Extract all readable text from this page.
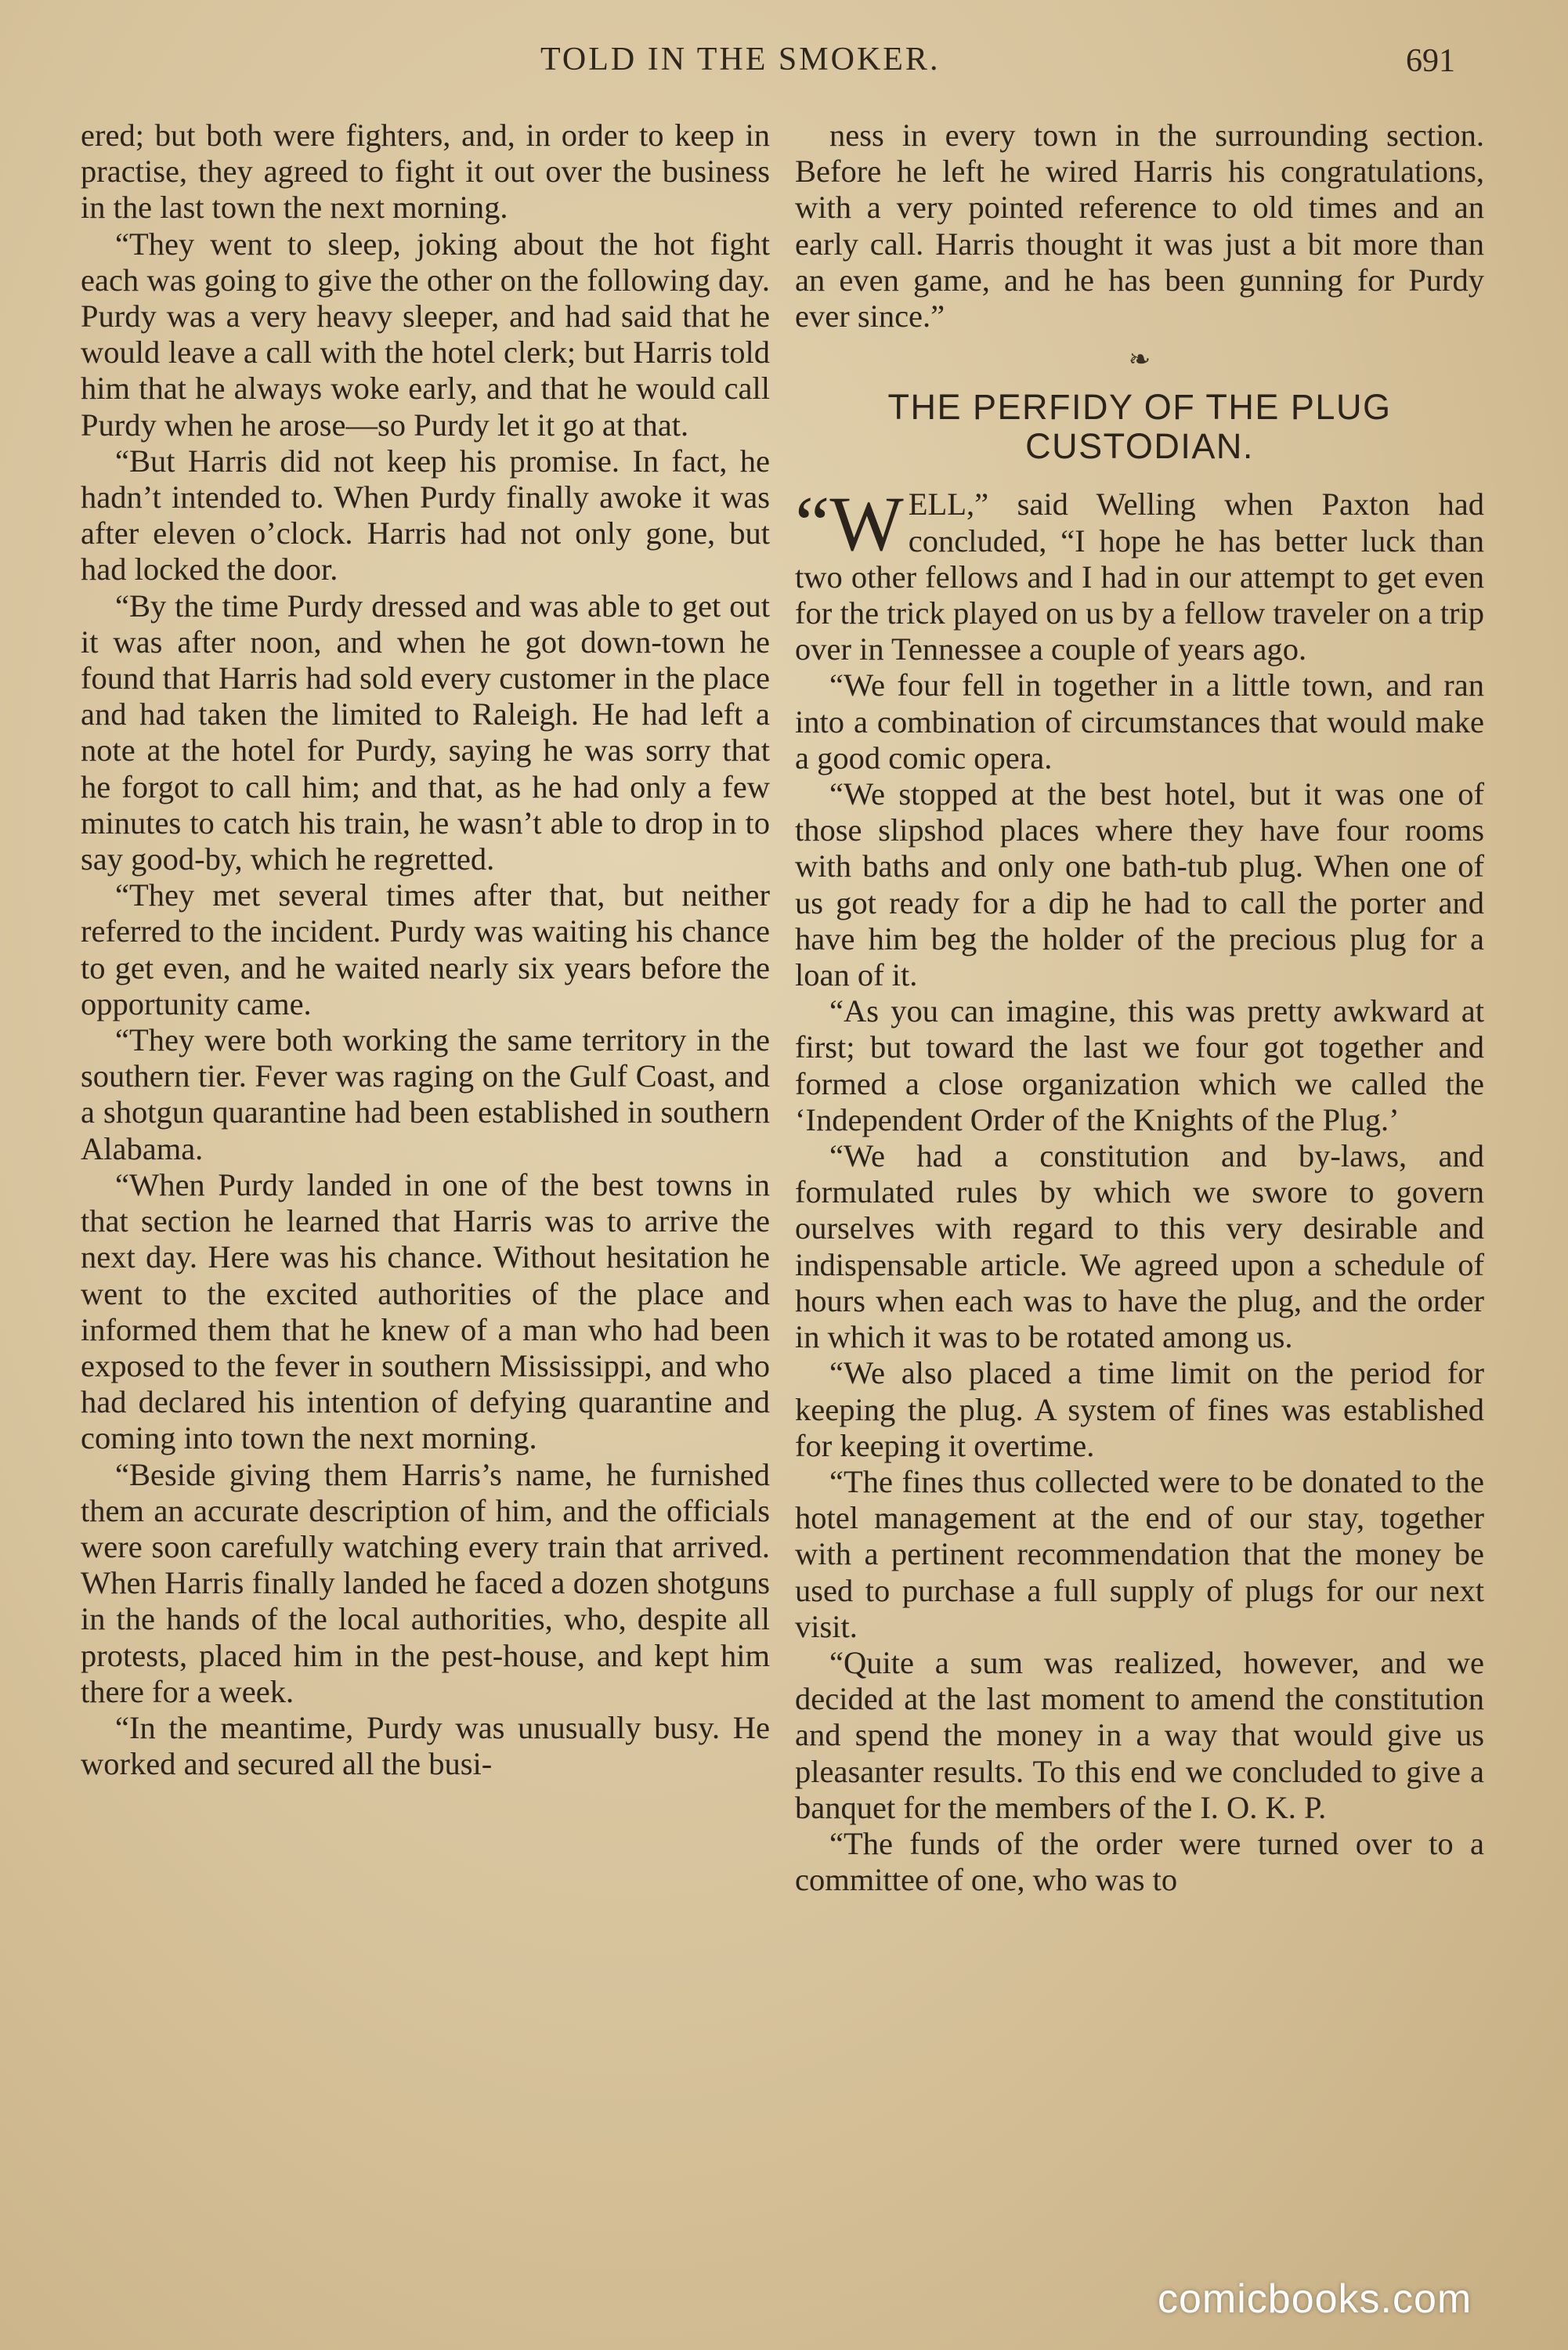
TOLD IN THE SMOKER.	691

ered; but both were fighters, and, in order to keep in practise, they agreed to fight it out over the business in the last town the next morning.

“They went to sleep, joking about the hot fight each was going to give the other on the following day. Purdy was a very heavy sleeper, and had said that he would leave a call with the hotel clerk; but Harris told him that he always woke early, and that he would call Purdy when he arose—so Purdy let it go at that.

“But Harris did not keep his promise. In fact, he hadn’t intended to. When Purdy finally awoke it was after eleven o’clock. Harris had not only gone, but had locked the door.

“By the time Purdy dressed and was able to get out it was after noon, and when he got down-town he found that Harris had sold every customer in the place and had taken the limited to Raleigh. He had left a note at the hotel for Purdy, saying he was sorry that he forgot to call him; and that, as he had only a few minutes to catch his train, he wasn’t able to drop in to say good-by, which he regretted.

“They met several times after that, but neither referred to the incident. Purdy was waiting his chance to get even, and he waited nearly six years before the opportunity came.

“They were both working the same territory in the southern tier. Fever was raging on the Gulf Coast, and a shotgun quarantine had been established in southern Alabama.

“When Purdy landed in one of the best towns in that section he learned that Harris was to arrive the next day. Here was his chance. Without hesitation he went to the excited authorities of the place and informed them that he knew of a man who had been exposed to the fever in southern Mississippi, and who had declared his intention of defying quarantine and coming into town the next morning.

“Beside giving them Harris’s name, he furnished them an accurate description of him, and the officials were soon carefully watching every train that arrived. When Harris finally landed he faced a dozen shotguns in the hands of the local authorities, who, despite all protests, placed him in the pest-house, and kept him there for a week.

“In the meantime, Purdy was unusually busy. He worked and secured all the busi-

ness in every town in the surrounding section. Before he left he wired Harris his congratulations, with a very pointed reference to old times and an early call. Harris thought it was just a bit more than an even game, and he has been gunning for Purdy ever since.”

❧
THE PERFIDY OF THE PLUG CUSTODIAN.

“W ELL,” said Welling when Paxton had concluded, “I hope he has better luck than two other fellows and I had in our attempt to get even for the trick played on us by a fellow traveler on a trip over in Tennessee a couple of years ago.

“We four fell in together in a little town, and ran into a combination of circumstances that would make a good comic opera.

“We stopped at the best hotel, but it was one of those slipshod places where they have four rooms with baths and only one bath-tub plug. When one of us got ready for a dip he had to call the porter and have him beg the holder of the precious plug for a loan of it.

“As you can imagine, this was pretty awkward at first; but toward the last we four got together and formed a close organization which we called the ‘Independent Order of the Knights of the Plug.’

“We had a constitution and by-laws, and formulated rules by which we swore to govern ourselves with regard to this very desirable and indispensable article. We agreed upon a schedule of hours when each was to have the plug, and the order in which it was to be rotated among us.

“We also placed a time limit on the period for keeping the plug. A system of fines was established for keeping it overtime.

“The fines thus collected were to be donated to the hotel management at the end of our stay, together with a pertinent recommendation that the money be used to purchase a full supply of plugs for our next visit.

“Quite a sum was realized, however, and we decided at the last moment to amend the constitution and spend the money in a way that would give us pleasanter results. To this end we concluded to give a banquet for the members of the I. O. K. P.

“The funds of the order were turned over to a committee of one, who was to

comicbooks.com
